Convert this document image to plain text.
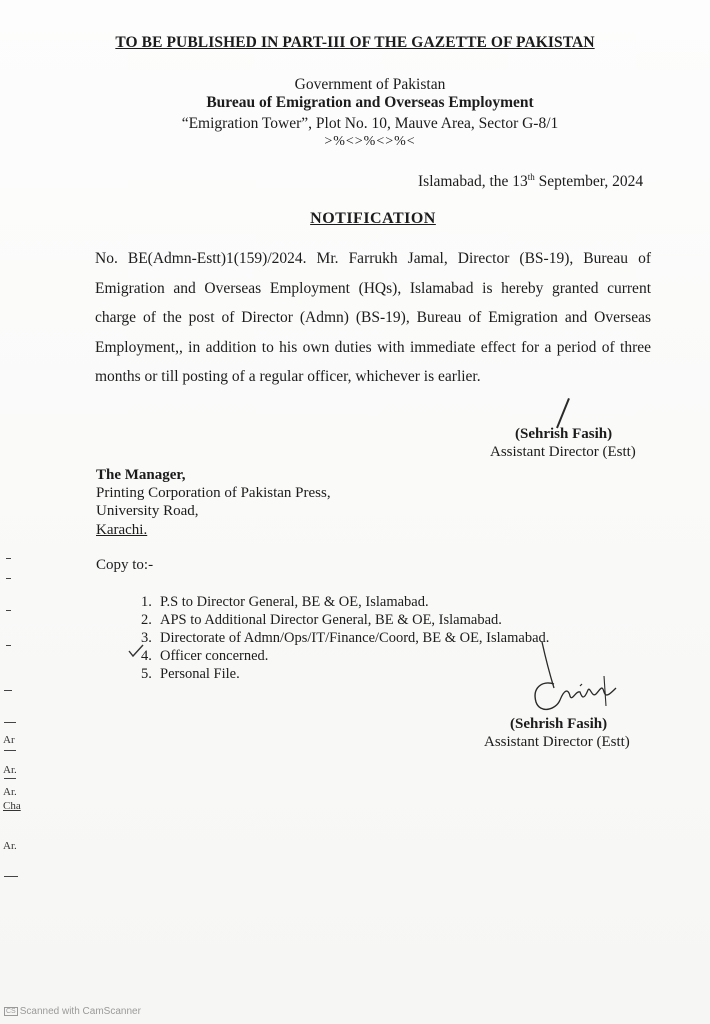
TO BE PUBLISHED IN PART-III OF THE GAZETTE OF PAKISTAN
Government of Pakistan
Bureau of Emigration and Overseas Employment
“Emigration Tower”, Plot No. 10, Mauve Area, Sector G-8/1
>%<>%<>%<
Islamabad, the 13th September, 2024
NOTIFICATION
No. BE(Admn-Estt)1(159)/2024. Mr. Farrukh Jamal, Director (BS-19), Bureau of Emigration and Overseas Employment (HQs), Islamabad is hereby granted current charge of the post of Director (Admn) (BS-19), Bureau of Emigration and Overseas Employment,, in addition to his own duties with immediate effect for a period of three months or till posting of a regular officer, whichever is earlier.
(Sehrish Fasih)
Assistant Director (Estt)
The Manager,
Printing Corporation of Pakistan Press,
University Road,
Karachi.
Copy to:-
1. P.S to Director General, BE & OE, Islamabad.
2. APS to Additional Director General, BE & OE, Islamabad.
3. Directorate of Admn/Ops/IT/Finance/Coord, BE & OE, Islamabad.
4. Officer concerned.
5. Personal File.
(Sehrish Fasih)
Assistant Director (Estt)
Ar
Ar.
Ar.
Cha
Ar.
CS Scanned with CamScanner
